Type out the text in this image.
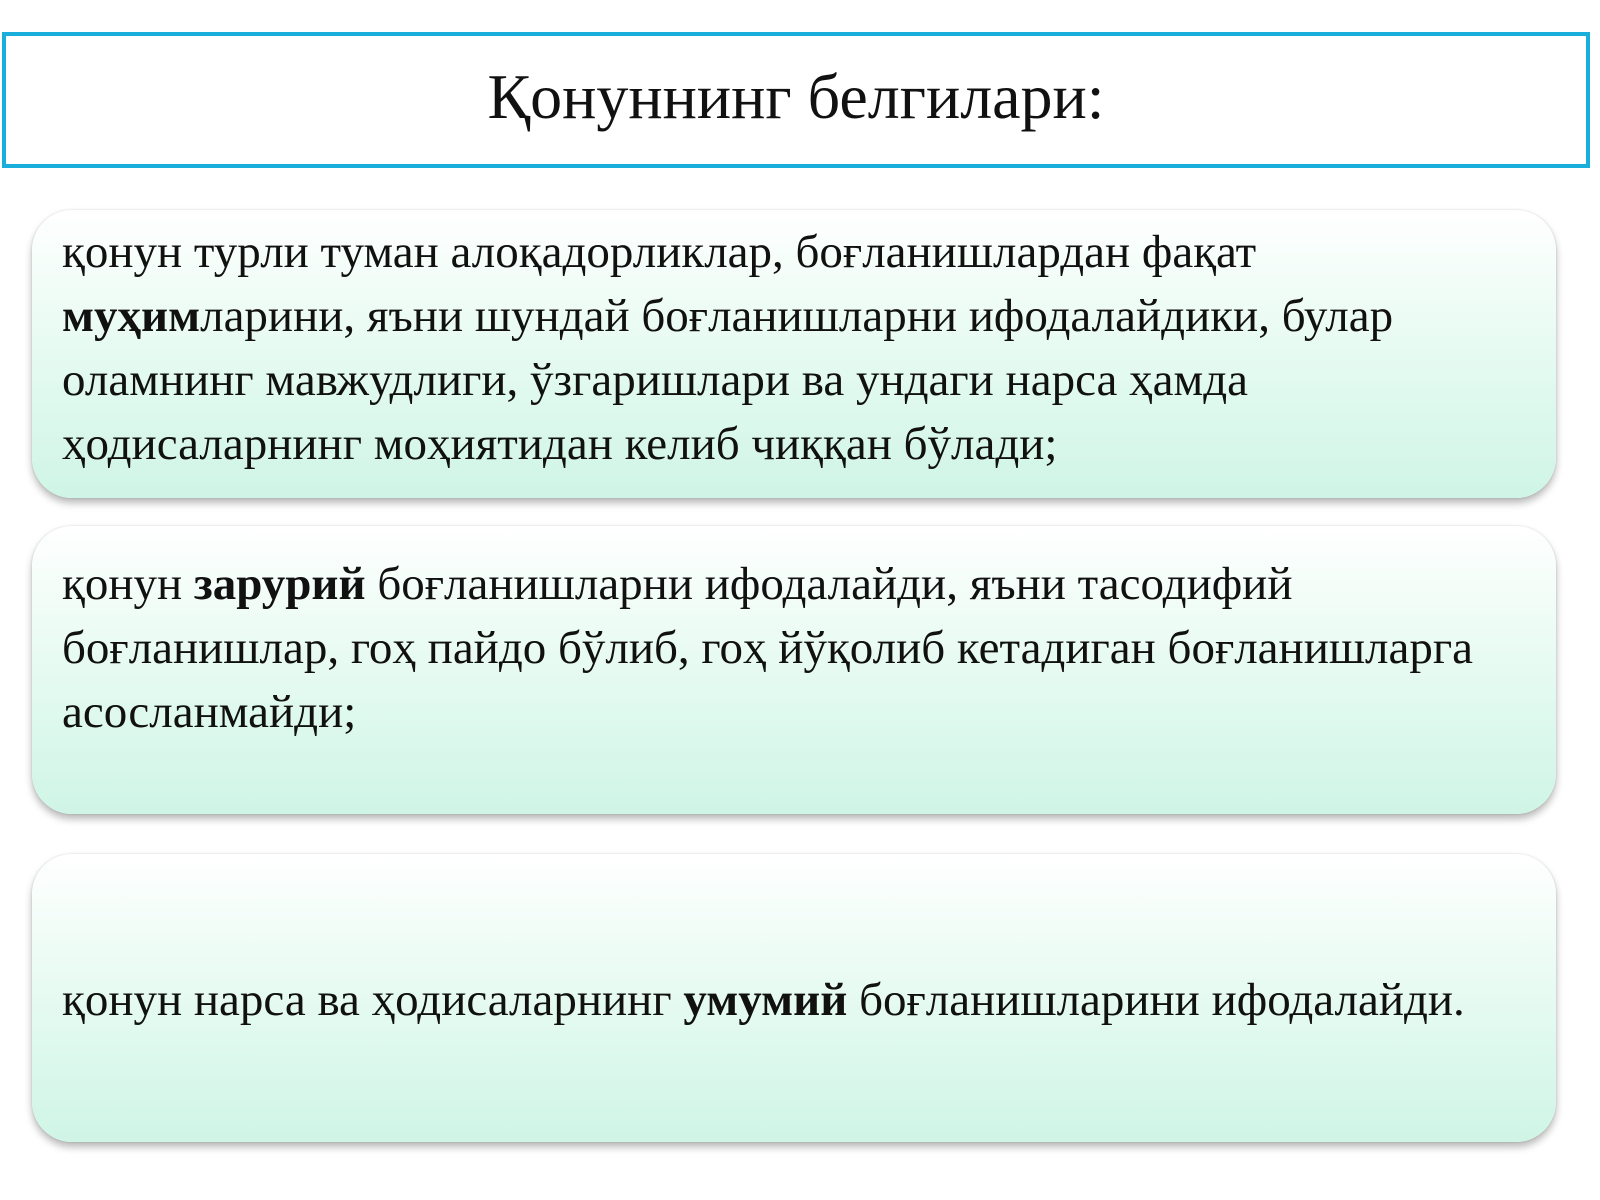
Қонуннинг белгилари:

қонун турли туман алоқадорликлар, боғланишлардан фақат муҳимларини, яъни шундай боғланишларни ифодалайдики, булар оламнинг мавжудлиги, ўзгаришлари ва ундаги нарса ҳамда ҳодисаларнинг моҳиятидан келиб чиққан бўлади;

қонун зарурий боғланишларни ифодалайди, яъни тасодифий боғланишлар, гоҳ пайдо бўлиб, гоҳ йўқолиб кетадиган боғланишларга асосланмайди;

қонун нарса ва ҳодисаларнинг умумий боғланишларини ифодалайди.
